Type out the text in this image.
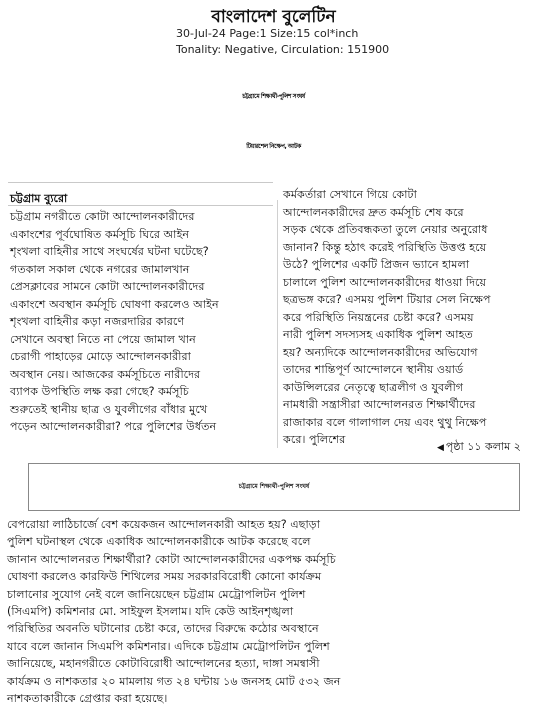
বাংলাদেশ বুলেটিন
30-Jul-24 Page:1 Size:15 col*inch
Tonality: Negative, Circulation: 151900
চট্টগ্রামে শিক্ষার্থী-পুলিশ সংঘর্ষ
টিয়ারশেল নিক্ষেপ, আটক
চট্টগ্রাম ব্যুরো
চট্টগ্রাম নগরীতে কোটা আন্দোলনকারীদের
একাংশের পূর্বঘোষিত কর্মসূচি ঘিরে আইন
শৃংখলা বাহিনীর সাথে সংঘর্ষের ঘটনা ঘটেছে?
গতকাল সকাল থেকে নগরের জামালখান
প্রেসক্লাবের সামনে কোটা আন্দোলনকারীদের
একাংশে অবস্থান কর্মসূচি ঘোষণা করলেও আইন
শৃংখলা বাহিনীর কড়া নজরদারির কারণে
সেখানে অবস্থা নিতে না পেয়ে জামাল খান
চেরাগী পাহাড়ের মোড়ে আন্দোলনকারীরা
অবস্থান নেয়। আজকের কর্মসূচিতে নারীদের
ব্যাপক উপস্থিতি লক্ষ করা গেছে? কর্মসূচি
শুরুতেই স্থানীয় ছাত্র ও যুবলীগের বাঁধার মুখে
পড়েন আন্দোলনকারীরা? পরে পুলিশের উর্ধতন
কর্মকর্তারা সেখানে গিয়ে কোটা
আন্দোলনকারীদের দ্রুত কর্মসূচি শেষ করে
সড়ক থেকে প্রতিবন্ধকতা তুলে নেয়ার অনুরোধ
জানান? কিন্তু হঠাৎ করেই পরিস্থিতি উত্তপ্ত হয়ে
উঠে? পুলিশের একটি প্রিজন ভ্যানে হামলা
চালালে পুলিশ আন্দোলনকারীদের ধাওয়া দিয়ে
ছত্রভঙ্গ করে? এসময় পুলিশ টিয়ার সেল নিক্ষেপ
করে পরিস্থিতি নিয়ন্ত্রনের চেষ্টা করে? এসময়
নারী পুলিশ সদস্যসহ একাধিক পুলিশ আহত
হয়? অন্যদিকে আন্দোলনকারীদের অভিযোগ
তাদের শান্তিপূর্ণ আন্দোলনে স্থানীয় ওয়ার্ড
কাউন্সিলরের নেতৃত্বে ছাত্রলীগ ও যুবলীগ
নামধারী সন্ত্রাসীরা আন্দোলনরত শিক্ষার্থীদের
রাজাকার বলে গালাগাল দেয় এবং থুথু নিক্ষেপ
করে। পুলিশের
◀ পৃষ্ঠা ১১ কলাম ২
চট্টগ্রামে শিক্ষার্থী-পুলিশ সংঘর্ষ
বেপরোয়া লাঠিচার্জে বেশ কয়েকজন আন্দোলনকারী আহত হয়? এছাড়া
পুলিশ ঘটনাস্থল থেকে একাধিক আন্দোলনকারীকে আটক করেছে বলে
জানান আন্দোলনরত শিক্ষার্থীরা? কোটা আন্দোলনকারীদের একপক্ষ কর্মসূচি
ঘোষণা করলেও কারফিউ শিথিলের সময় সরকারবিরোধী কোনো কার্যক্রম
চালানোর সুযোগ নেই বলে জানিয়েছেন চট্টগ্রাম মেট্রোপলিটন পুলিশ
(সিএমপি) কমিশনার মো. সাইফুল ইসলাম। যদি কেউ আইনশৃঙ্খলা
পরিস্থিতির অবনতি ঘটানোর চেষ্টা করে, তাদের বিরুদ্ধে কঠোর অবস্থানে
যাবে বলে জানান সিএমপি কমিশনার। এদিকে চট্টগ্রাম মেট্রোপলিটন পুলিশ
জানিয়েছে, মহানগরীতে কোটাবিরোধী আন্দোলনের হত্যা, দাঙ্গা সমন্বাসী
কার্যক্রম ও নাশকতার ২০ মামলায় গত ২৪ ঘন্টায় ১৬ জনসহ মোট ৫৩২ জন
নাশকতাকারীকে গ্রেপ্তার করা হয়েছে।
